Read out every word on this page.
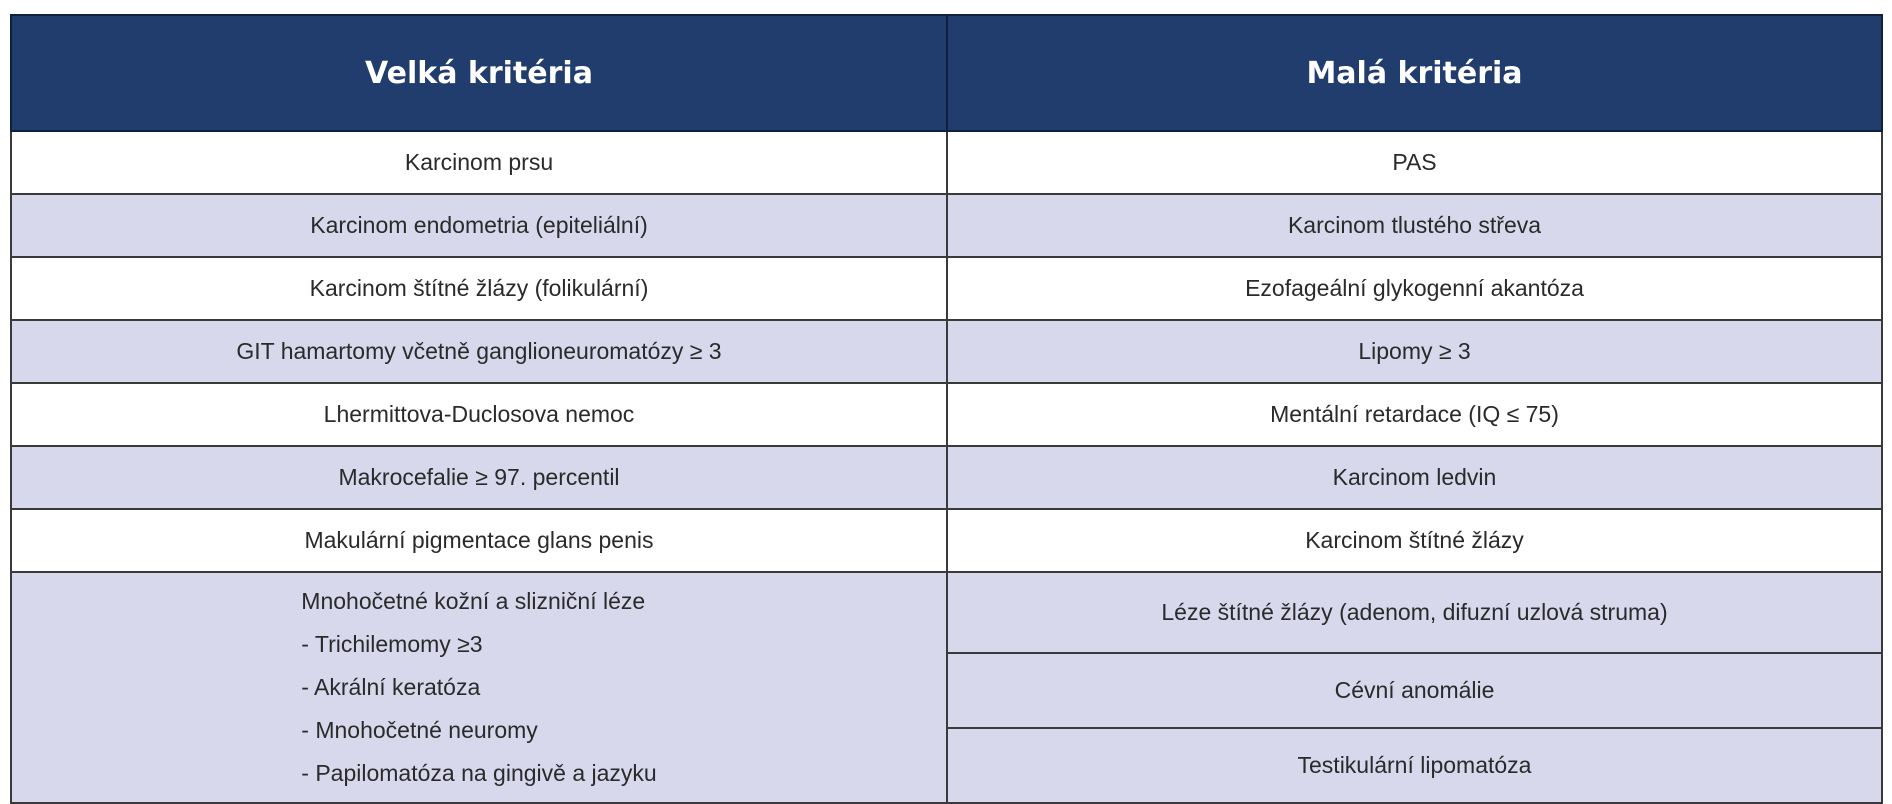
Velká kritéria	Malá kritéria
Karcinom prsu	PAS
Karcinom endometria (epiteliální)	Karcinom tlustého střeva
Karcinom štítné žlázy (folikulární)	Ezofageální glykogenní akantóza
GIT hamartomy včetně ganglioneuromatózy ≥ 3	Lipomy ≥ 3
Lhermittova-Duclosova nemoc	Mentální retardace (IQ ≤ 75)
Makrocefalie ≥ 97. percentil	Karcinom ledvin
Makulární pigmentace glans penis	Karcinom štítné žlázy

Mnohočetné kožní a slizniční léze
- Trichilemomy ≥3
- Akrální keratóza
- Mnohočetné neuromy
- Papilomatóza na gingivě a jazyku	Léze štítné žlázy (adenom, difuzní uzlová struma)
	Cévní anomálie
	Testikulární lipomatóza
